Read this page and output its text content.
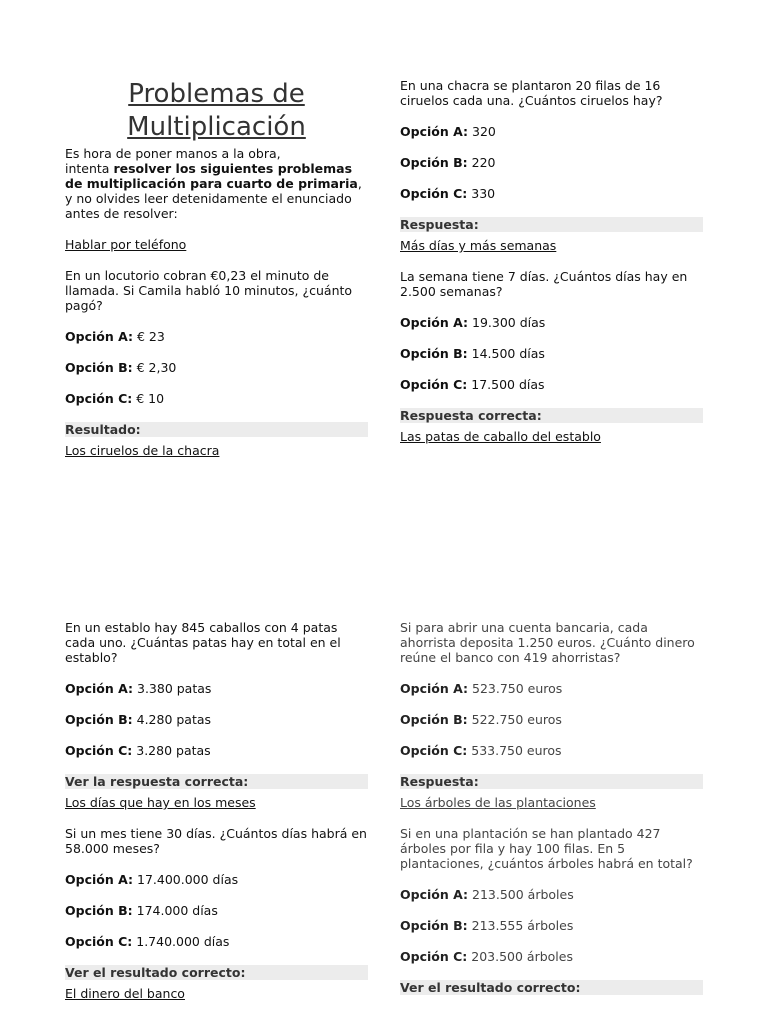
Problemas de
Multiplicación

Es hora de poner manos a la obra,
intenta resolver los siguientes problemas de multiplicación para cuarto de primaria, y no olvides leer detenidamente el enunciado antes de resolver:

Hablar por teléfono

En un locutorio cobran €0,23 el minuto de llamada. Si Camila habló 10 minutos, ¿cuánto pagó?

Opción A: € 23

Opción B: € 2,30

Opción C: € 10

Resultado:
Los ciruelos de la chacra

En una chacra se plantaron 20 filas de 16 ciruelos cada una. ¿Cuántos ciruelos hay?

Opción A: 320

Opción B: 220

Opción C: 330

Respuesta:
Más días y más semanas

La semana tiene 7 días. ¿Cuántos días hay en 2.500 semanas?

Opción A: 19.300 días

Opción B: 14.500 días

Opción C: 17.500 días

Respuesta correcta:
Las patas de caballo del establo

En un establo hay 845 caballos con 4 patas cada uno. ¿Cuántas patas hay en total en el establo?

Opción A: 3.380 patas

Opción B: 4.280 patas

Opción C: 3.280 patas

Ver la respuesta correcta:
Los días que hay en los meses

Si un mes tiene 30 días. ¿Cuántos días habrá en 58.000 meses?

Opción A: 17.400.000 días

Opción B: 174.000 días

Opción C: 1.740.000 días

Ver el resultado correcto:
El dinero del banco

Si para abrir una cuenta bancaria, cada ahorrista deposita 1.250 euros. ¿Cuánto dinero reúne el banco con 419 ahorristas?

Opción A: 523.750 euros

Opción B: 522.750 euros

Opción C: 533.750 euros

Respuesta:
Los árboles de las plantaciones

Si en una plantación se han plantado 427 árboles por fila y hay 100 filas. En 5 plantaciones, ¿cuántos árboles habrá en total?

Opción A: 213.500 árboles

Opción B: 213.555 árboles

Opción C: 203.500 árboles

Ver el resultado correcto:
